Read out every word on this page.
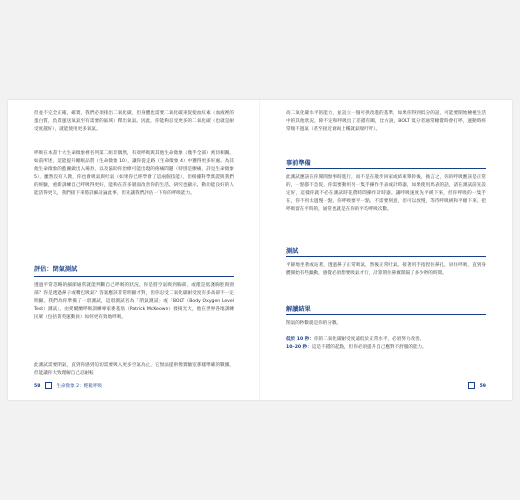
但並不完全正確，確實，我們必須排出二氧化碳，但身體也需要二氧化碳來促使血紅素（血液裡的蛋白質，負責運送氧氣至有需要的區域）釋出氧氣。因此，你能夠忍受更多的二氧化碳（也就是耐受度越好），就能使用更多氧氣。
呼吸在本書十大生命徵象裡名列第二組非偶然，有效呼吸與其他生命徵象（幾乎全部）密切相關。如前所述，這能提升睡眠品質（生命徵象 10），讓你從走路（生命徵象 4）中獲得更多好處。為其他生命徵象的藍圖做出入場券，以及協助你治療可能出現的疼痛問題（特別是腰痛，詳見生命徵象 5），雖然沒有人教，你也會吸氣與吐氣（如果你已經學會了這兩個技能），但根據科學實證與我們的經驗，重新訓練自己呼吸得更好，能夠在許多層面改善你的生活。研究也顯示，動功能良好的人能活得更久，我們接下來將詳細討論此事，但先讓我們評估一下你的呼吸能力。
評估：閉氣測試
透過平常忽略的細節通常就能判斷自己呼吸的狀況。你是將空氣吸到胸部，或僅是低淺胸腔與頸部？你是透過鼻子或嘴巴吸氣？答案應該非常明顯才對，但你忍受二氧化碳耐受度有多高卻不一定明顯。我們為你準備了一項測試，這項測試名為「閉氣測試」或「BOLT（Body Oxygen Level Test）測試」，由愛爾蘭呼吸訓練專家麥基翁（Patrick McKeown）發揚光大，他在世界各地訓練民眾（包括菁英運動員）如何更有效地呼吸。
此測試需要閉氣，直到你感到迫切需要吸入更多空氣為止，它無法提供像實驗室那樣準確的數據，但能讓你大致理解自己忍耐較
58	生命徵象 2：輕鬆呼吸
高二氧化碳水平的能力，並設立一個可供改進的基準，如果你得到低分的話，可能要開始檢視生活中的其他狀況，除不定和呼吸出了差錯有關，比方說，BOLT 低分者通常睡覺時會打呼，運動時經常喘不過氣（甚至接近衰竭上樓就氣喘吁吁）。
事前準備
此測試應該在你閒閒無事時進行，而不是在散步回家或結束舉鈴後，換言之，你的呼吸應該是正常的，一點都不急促。你需要動用另一隻手操作手表或計時器，如果使用馬表的話，請在測試前先設定好，這樣你就不必在測試時花費時間操作計時器。讓呼吸速度先平緩下來，但你呼吸的一隻手在，你不用太過慢一點，你呼吸要平一點，不需要刻意，但可以放慢，等待呼吸緩和平順下來。把呼吸留在平時的，通常也就是在你的平均呼吸次數。
測試
平靜地坐著或站著，透過鼻子正常吸氣，然後正常吐氣。接著用手指捏住鼻孔，屏住呼吸，直到身體開始有些躁動，感覺必須想要吸氣才行，計算閉住鼻翼間隔了多少秒的時間。
解讀結果
閉氣的秒數就是你的分數。
低於 10 秒：你的二氧化碳耐受度遠低於正常水平，必須努力改善。
10–20 秒：這是不錯的起點，但你必須提升自己應對不舒服的能力。
59
